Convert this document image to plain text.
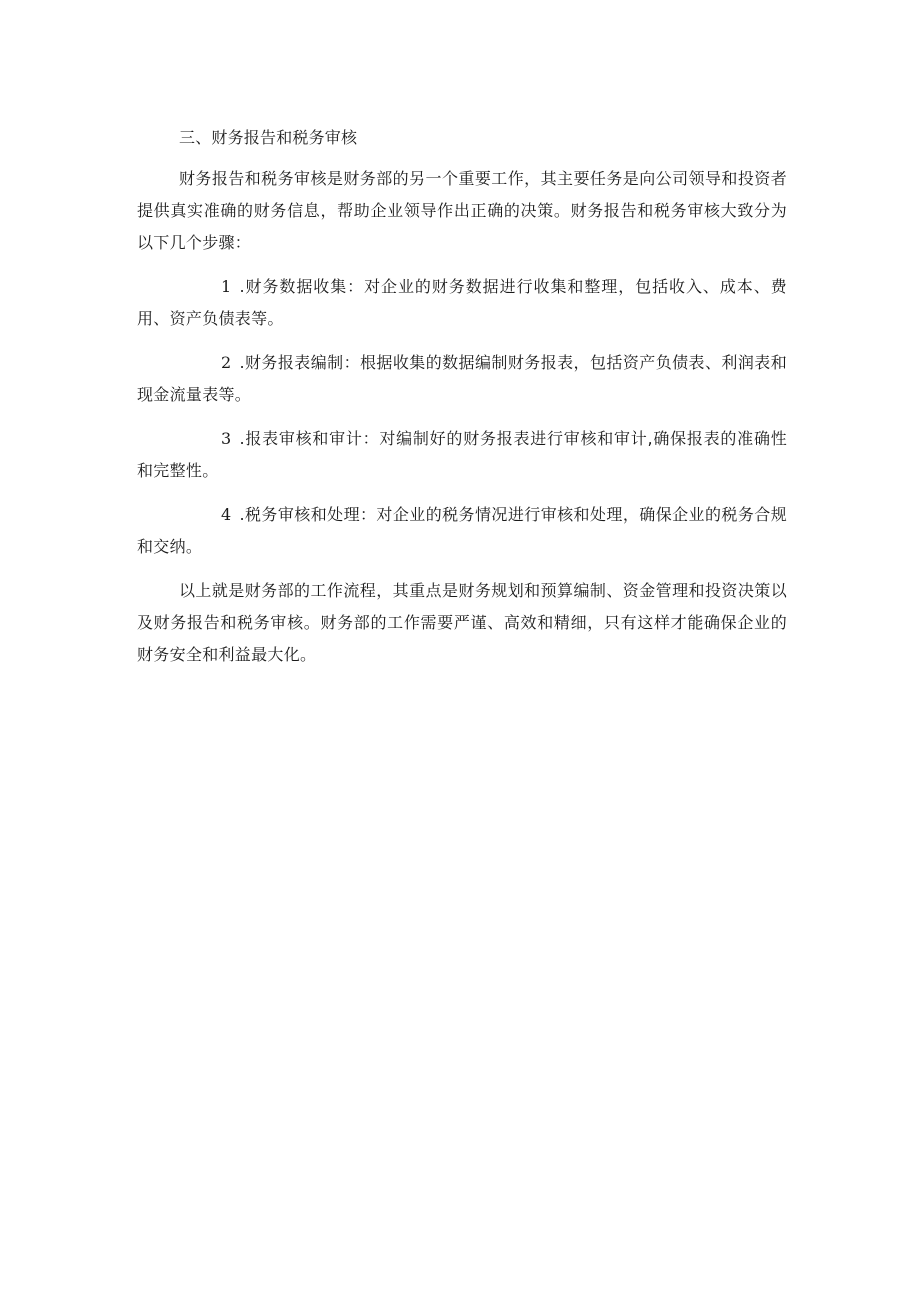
三、财务报告和税务审核

财务报告和税务审核是财务部的另一个重要工作，其主要任务是向公司领导和投资者提供真实准确的财务信息，帮助企业领导作出正确的决策。财务报告和税务审核大致分为以下几个步骤：

1 .财务数据收集：对企业的财务数据进行收集和整理，包括收入、成本、费用、资产负债表等。

2 .财务报表编制：根据收集的数据编制财务报表，包括资产负债表、利润表和现金流量表等。

3 .报表审核和审计：对编制好的财务报表进行审核和审计,确保报表的准确性和完整性。

4 .税务审核和处理：对企业的税务情况进行审核和处理，确保企业的税务合规和交纳。

以上就是财务部的工作流程，其重点是财务规划和预算编制、资金管理和投资决策以及财务报告和税务审核。财务部的工作需要严谨、高效和精细，只有这样才能确保企业的财务安全和利益最大化。
